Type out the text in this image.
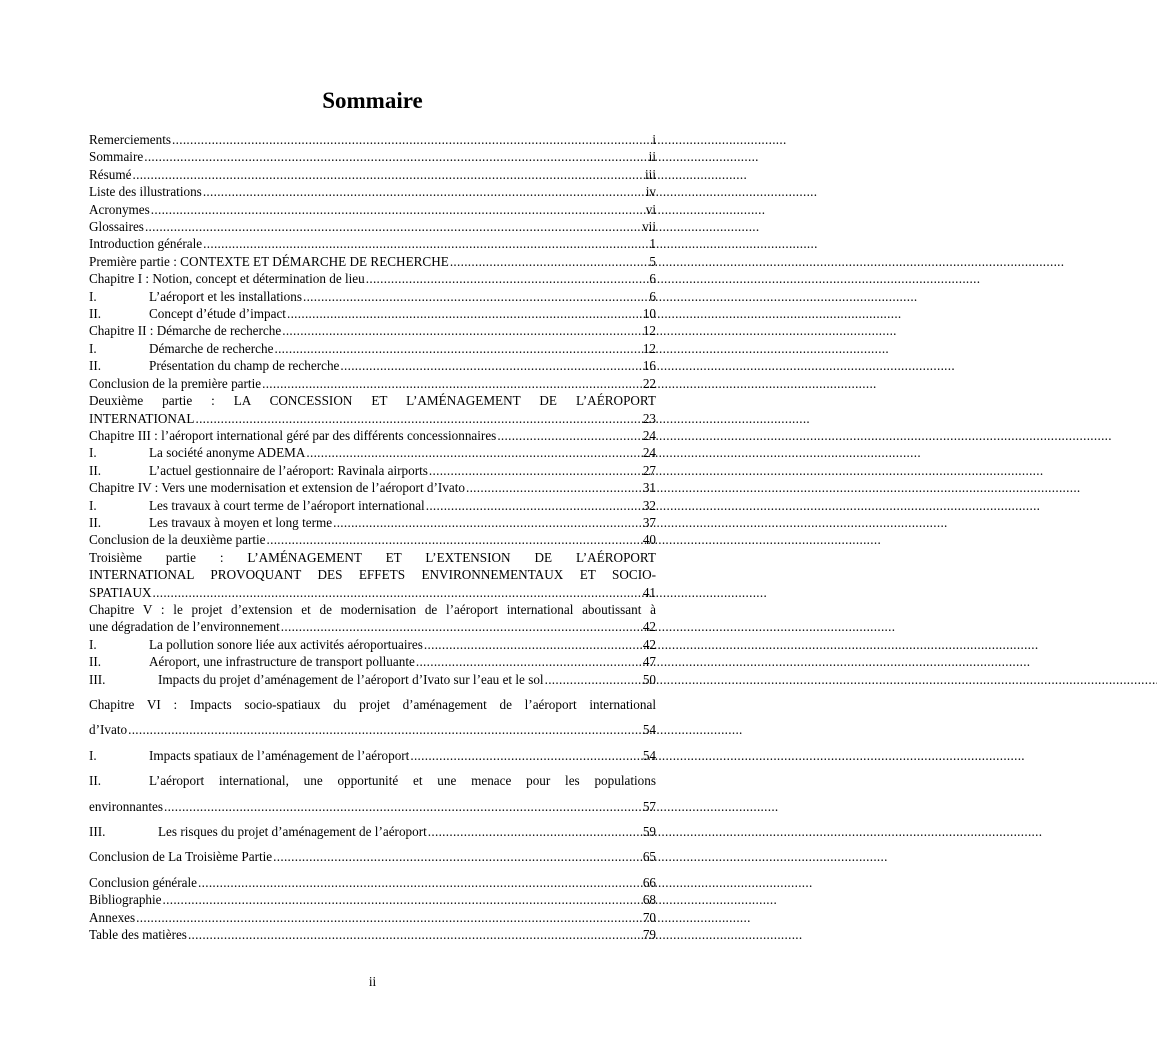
Sommaire
Remerciements . . .	i
Sommaire . . .	ii
Résumé . . .	iii
Liste des illustrations . . .	iv
Acronymes . . .	vi
Glossaires . . .	vii
Introduction générale . . .	1
Première partie : CONTEXTE ET DÉMARCHE DE RECHERCHE . . .	5
Chapitre I : Notion, concept et détermination de lieu . . .	6
I.	L’aéroport et les installations . . .	6
II.	Concept d’étude d’impact . . .	10
Chapitre II : Démarche de recherche . . .	12
I.	Démarche de recherche . . .	12
II.	Présentation du champ de recherche . . .	16
Conclusion de la première partie . . .	22
Deuxième partie : LA CONCESSION ET L’AMÉNAGEMENT DE L’AÉROPORT
INTERNATIONAL . . .	23
Chapitre III : l’aéroport international géré par des différents concessionnaires . . .	24
I.	La société anonyme ADEMA . . .	24
II.	L’actuel gestionnaire de l’aéroport: Ravinala airports . . .	27
Chapitre IV : Vers une modernisation et extension de l’aéroport d’Ivato . . .	31
I.	Les travaux à court terme de l’aéroport international . . .	32
II.	Les travaux à moyen et long terme . . .	37
Conclusion de la deuxième partie . . .	40
Troisième partie : L’AMÉNAGEMENT ET L’EXTENSION DE L’AÉROPORT
INTERNATIONAL PROVOQUANT DES EFFETS ENVIRONNEMENTAUX ET SOCIO-
SPATIAUX . . .	41
Chapitre V : le projet d’extension et de modernisation de l’aéroport international aboutissant à
une dégradation de l’environnement . . .	42
I.	La pollution sonore liée aux activités aéroportuaires . . .	42
II.	Aéroport, une infrastructure de transport polluante . . .	47
III.	Impacts du projet d’aménagement de l’aéroport d’Ivato sur l’eau et le sol . . .	50
Chapitre VI : Impacts socio-spatiaux du projet d’aménagement de l’aéroport international
d’Ivato . . .	54
I.	Impacts spatiaux de l’aménagement de l’aéroport . . .	54
II.	L’aéroport international, une opportunité et une menace pour les populations
environnantes . . .	57
III.	Les risques du projet d’aménagement de l’aéroport . . .	59
Conclusion de La Troisième Partie . . .	65
Conclusion générale . . .	66
Bibliographie . . .	68
Annexes . . .	70
Table des matières . . .	79
ii
